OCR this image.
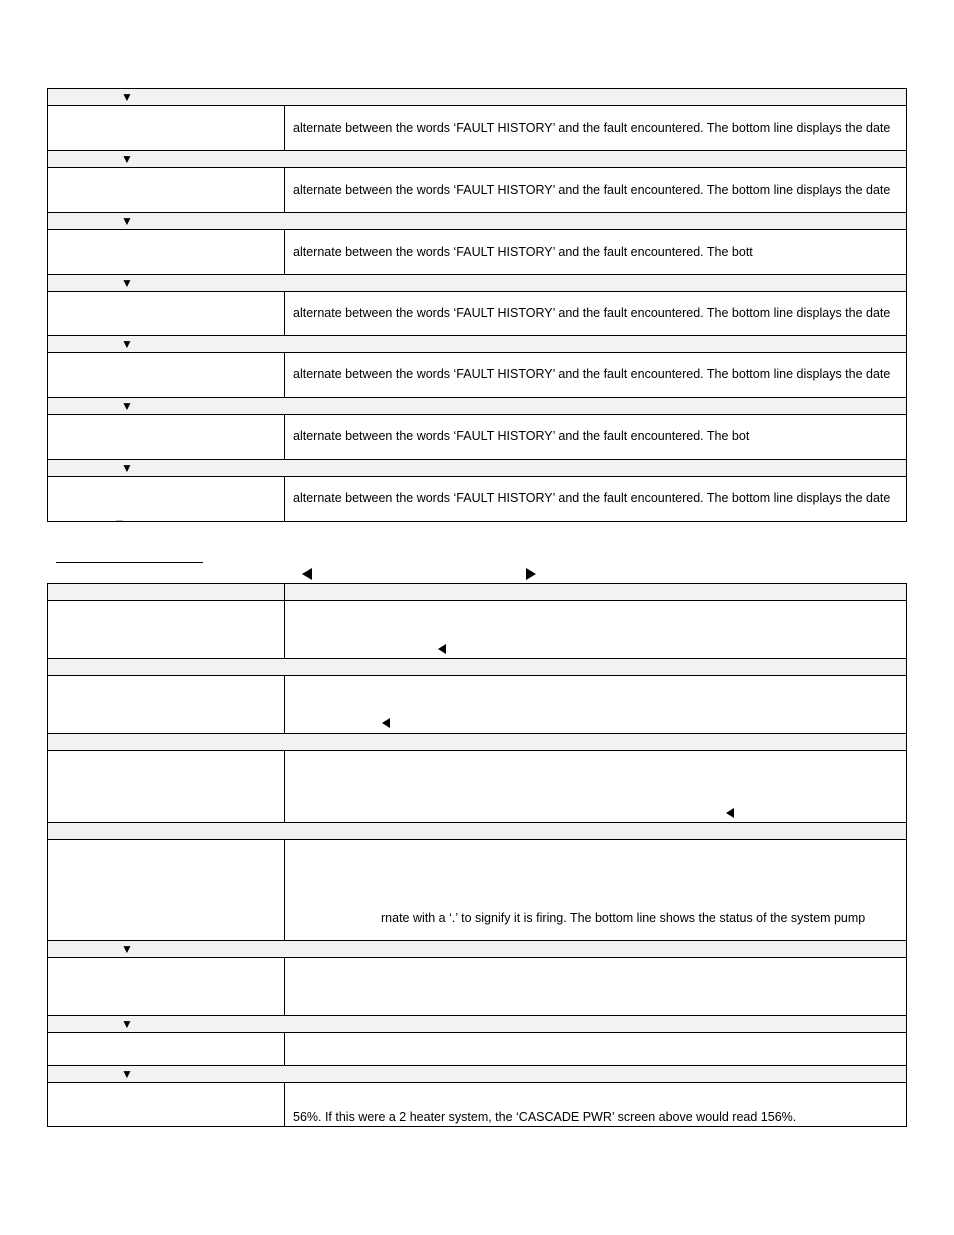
▼
alternate between the words ‘FAULT HISTORY’ and the fault encountered. The bottom line displays the date
▼
alternate between the words ‘FAULT HISTORY’ and the fault encountered. The bottom line displays the date
▼
alternate between the words ‘FAULT HISTORY’ and the fault encountered. The bott
▼
alternate between the words ‘FAULT HISTORY’ and the fault encountered. The bottom line displays the date
▼
alternate between the words ‘FAULT HISTORY’ and the fault encountered. The bottom line displays the date
▼
alternate between the words ‘FAULT HISTORY’ and the fault encountered. The bot
▼
alternate between the words ‘FAULT HISTORY’ and the fault encountered. The bottom line displays the date
–
rnate with a ‘.’ to signify it is firing. The bottom line shows the status of the system pump
▼
▼
▼
56%. If this were a 2 heater system, the ‘CASCADE PWR’ screen above would read 156%.
